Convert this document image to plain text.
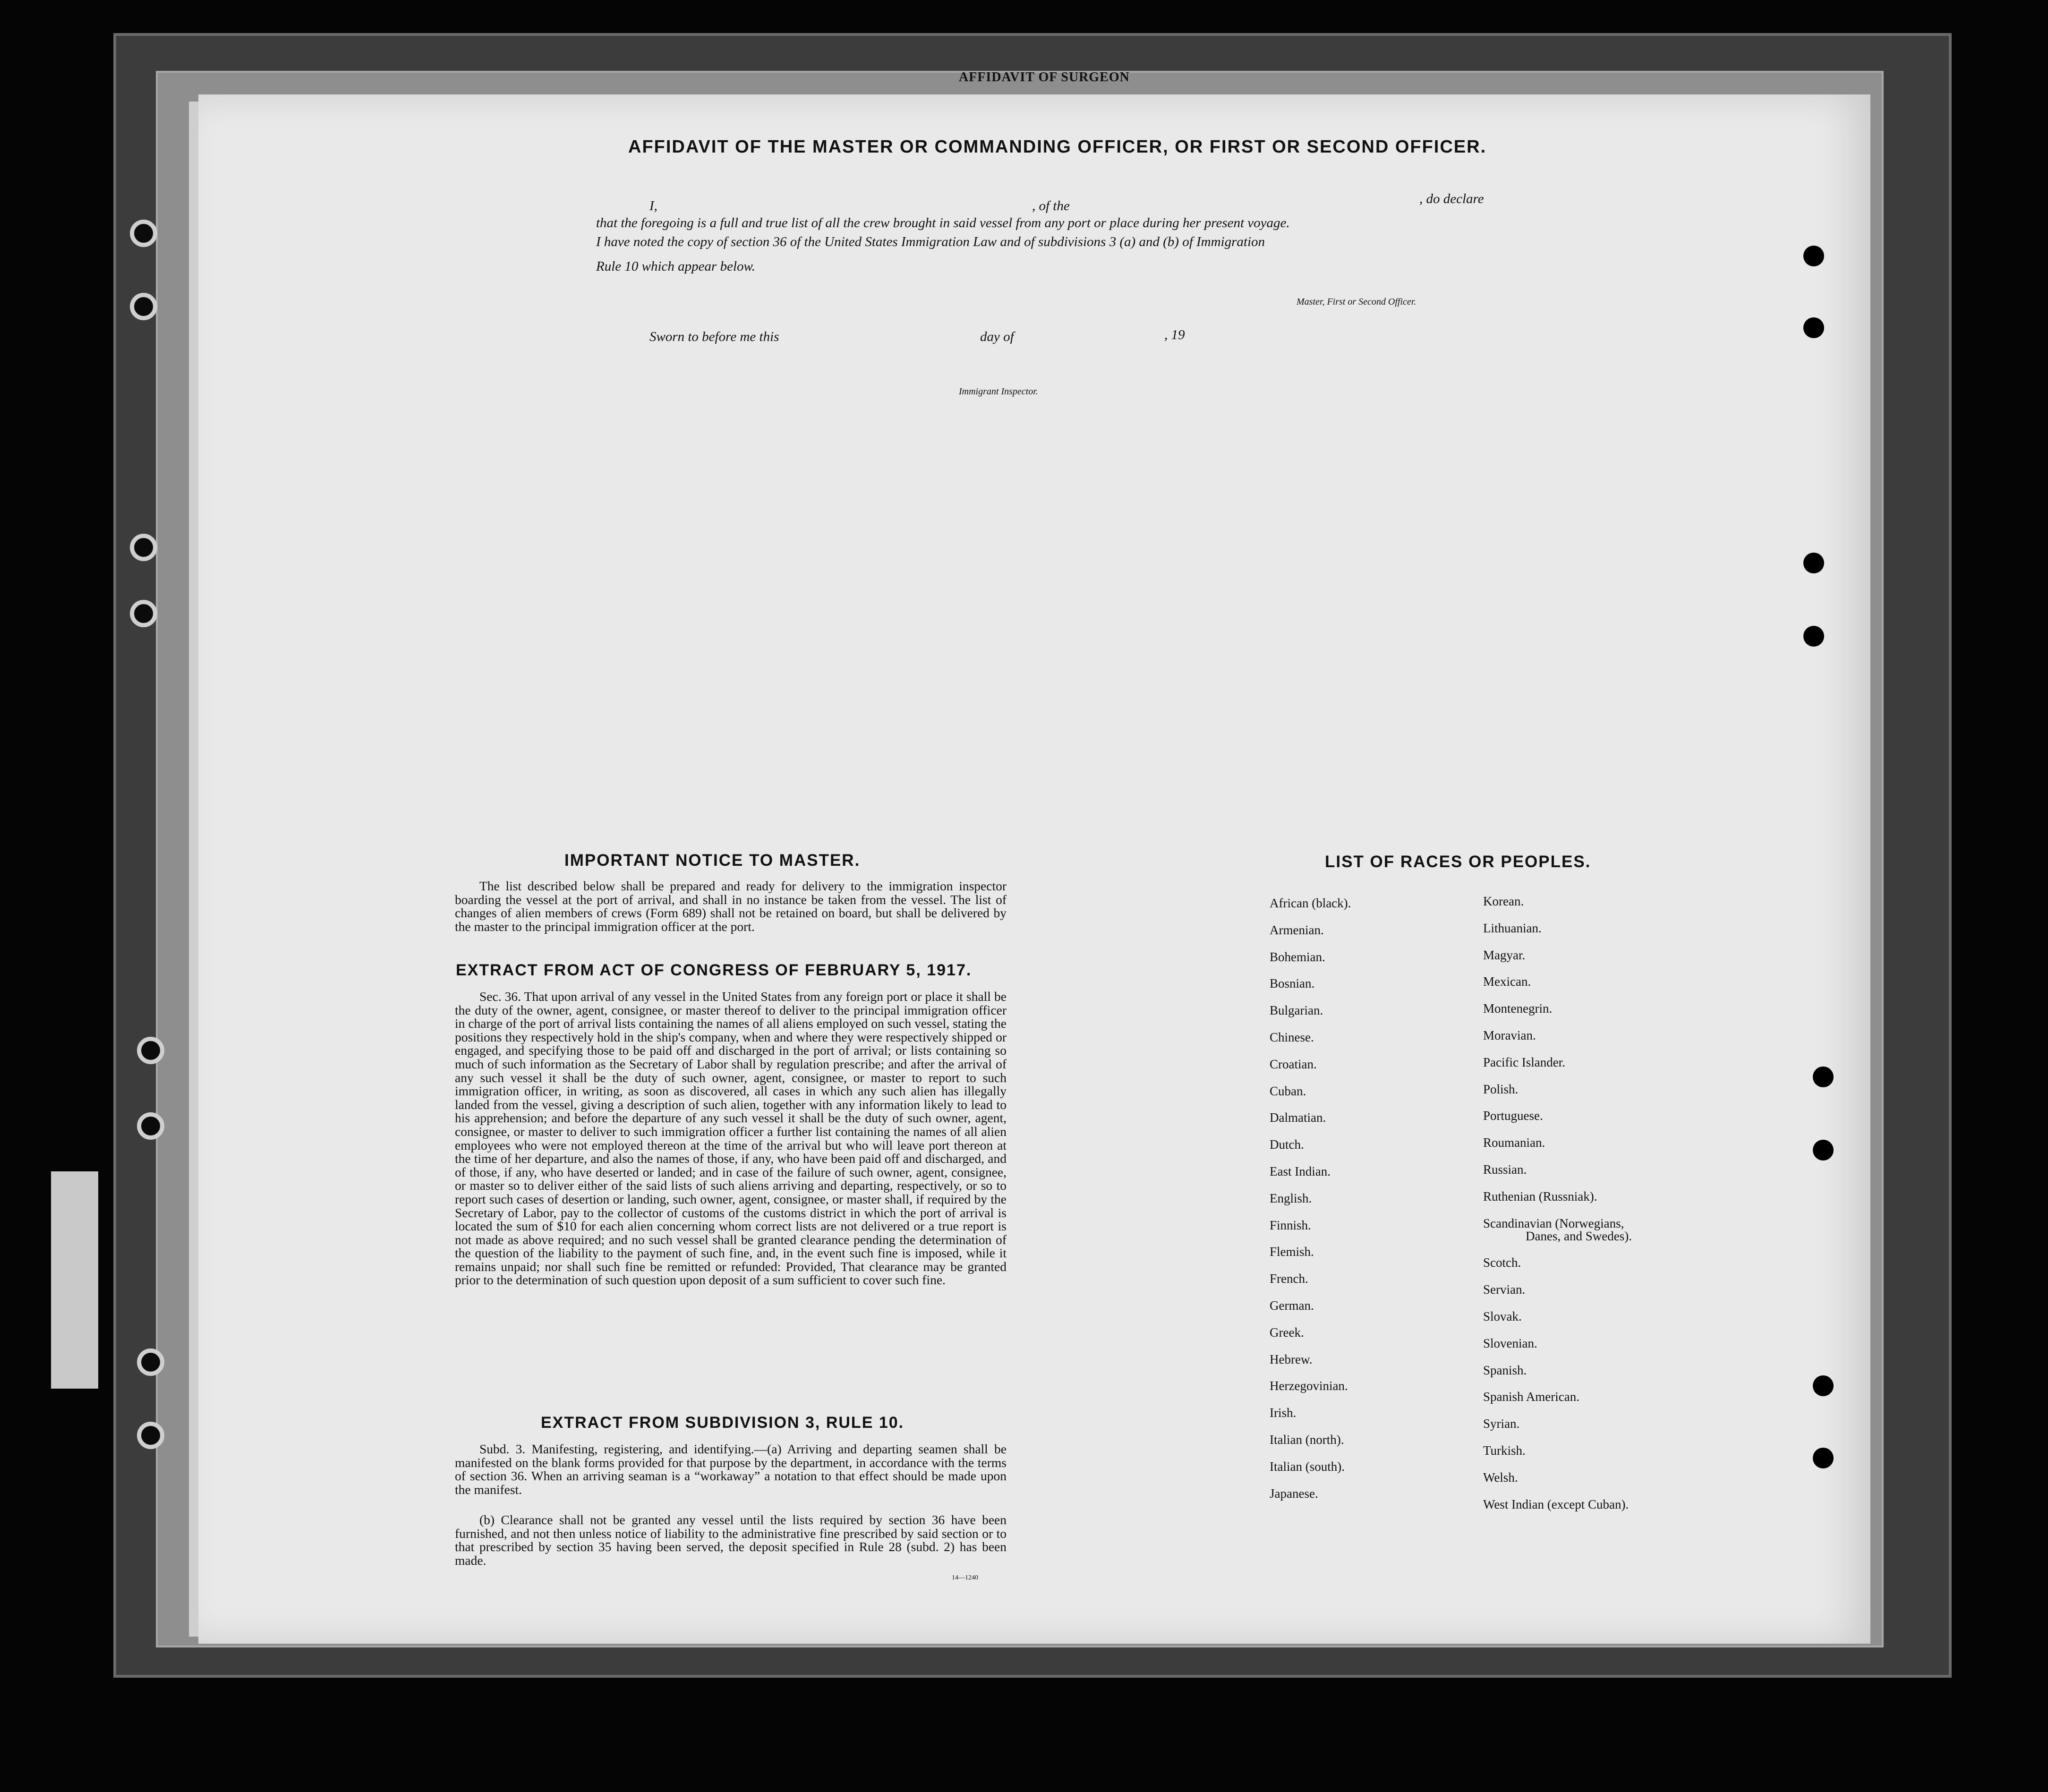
AFFIDAVIT OF SURGEON
AFFIDAVIT OF THE MASTER OR COMMANDING OFFICER, OR FIRST OR SECOND OFFICER.
I,	, of the	, do declare
that the foregoing is a full and true list of all the crew brought in said vessel from any port or place during her present voyage.
I have noted the copy of section 36 of the United States Immigration Law and of subdivisions 3 (a) and (b) of Immigration
Rule 10 which appear below.
Master, First or Second Officer.
Sworn to before me this	day of	, 19
Immigrant Inspector.
IMPORTANT NOTICE TO MASTER.
The list described below shall be prepared and ready for delivery to the immigration inspector boarding the vessel at the port of arrival, and shall in no instance be taken from the vessel. The list of changes of alien members of crews (Form 689) shall not be retained on board, but shall be delivered by the master to the principal immigration officer at the port.
EXTRACT FROM ACT OF CONGRESS OF FEBRUARY 5, 1917.
Sec. 36. That upon arrival of any vessel in the United States from any foreign port or place it shall be the duty of the owner, agent, consignee, or master thereof to deliver to the principal immigration officer in charge of the port of arrival lists containing the names of all aliens employed on such vessel, stating the positions they respectively hold in the ship's company, when and where they were respectively shipped or engaged, and specifying those to be paid off and discharged in the port of arrival; or lists containing so much of such information as the Secretary of Labor shall by regulation prescribe; and after the arrival of any such vessel it shall be the duty of such owner, agent, consignee, or master to report to such immigration officer, in writing, as soon as discovered, all cases in which any such alien has illegally landed from the vessel, giving a description of such alien, together with any information likely to lead to his apprehension; and before the departure of any such vessel it shall be the duty of such owner, agent, consignee, or master to deliver to such immigration officer a further list containing the names of all alien employees who were not employed thereon at the time of the arrival but who will leave port thereon at the time of her departure, and also the names of those, if any, who have been paid off and discharged, and of those, if any, who have deserted or landed; and in case of the failure of such owner, agent, consignee, or master so to deliver either of the said lists of such aliens arriving and departing, respectively, or so to report such cases of desertion or landing, such owner, agent, consignee, or master shall, if required by the Secretary of Labor, pay to the collector of customs of the customs district in which the port of arrival is located the sum of $10 for each alien concerning whom correct lists are not delivered or a true report is not made as above required; and no such vessel shall be granted clearance pending the determination of the question of the liability to the payment of such fine, and, in the event such fine is imposed, while it remains unpaid; nor shall such fine be remitted or refunded: Provided, That clearance may be granted prior to the determination of such question upon deposit of a sum sufficient to cover such fine.
EXTRACT FROM SUBDIVISION 3, RULE 10.
Subd. 3. Manifesting, registering, and identifying.—(a) Arriving and departing seamen shall be manifested on the blank forms provided for that purpose by the department, in accordance with the terms of section 36. When an arriving seaman is a “workaway” a notation to that effect should be made upon the manifest.
(b) Clearance shall not be granted any vessel until the lists required by section 36 have been furnished, and not then unless notice of liability to the administrative fine prescribed by said section or to that prescribed by section 35 having been served, the deposit specified in Rule 28 (subd. 2) has been made.
14—1240
LIST OF RACES OR PEOPLES.
African (black).
Armenian.
Bohemian.
Bosnian.
Bulgarian.
Chinese.
Croatian.
Cuban.
Dalmatian.
Dutch.
East Indian.
English.
Finnish.
Flemish.
French.
German.
Greek.
Hebrew.
Herzegovinian.
Irish.
Italian (north).
Italian (south).
Japanese.
Korean.
Lithuanian.
Magyar.
Mexican.
Montenegrin.
Moravian.
Pacific Islander.
Polish.
Portuguese.
Roumanian.
Russian.
Ruthenian (Russniak).
Scandinavian (Norwegians,
Danes, and Swedes).
Scotch.
Servian.
Slovak.
Slovenian.
Spanish.
Spanish American.
Syrian.
Turkish.
Welsh.
West Indian (except Cuban).
